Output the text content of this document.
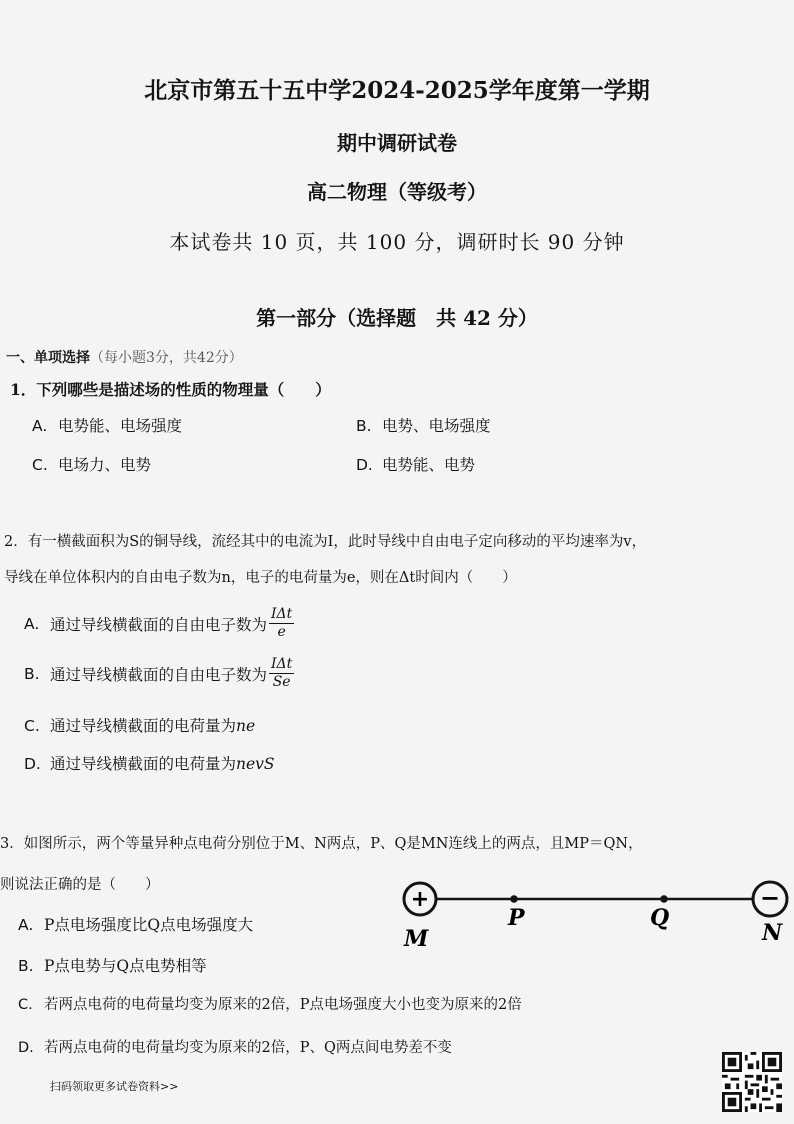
北京市第五十五中学2024-2025学年度第一学期
期中调研试卷
高二物理（等级考）
本试卷共 10 页，共 100 分，调研时长 90 分钟
第一部分（选择题　共 42 分）
一、单项选择（每小题3分，共42分）
1．下列哪些是描述场的性质的物理量（　　）
A. 电势能、电场强度	B. 电势、电场强度
C. 电场力、电势	D. 电势能、电势
2．有一横截面积为S的铜导线，流经其中的电流为I，此时导线中自由电子定向移动的平均速率为v，
导线在单位体积内的自由电子数为n，电子的电荷量为e，则在Δt时间内（　　）
A. 通过导线横截面的自由电子数为 $\frac{\text{IΔt}}{e}$
B. 通过导线横截面的自由电子数为 $\frac{\text{IΔt}}{Se}$
C. 通过导线横截面的电荷量为ne
D. 通过导线横截面的电荷量为nevS
3．如图所示，两个等量异种点电荷分别位于M、N两点，P、Q是MN连线上的两点，且MP＝QN，
则说法正确的是（　　）
A. P点电场强度比Q点电场强度大
B. P点电势与Q点电势相等
C. 若两点电荷的电荷量均变为原来的2倍，P点电场强度大小也变为原来的2倍
D. 若两点电荷的电荷量均变为原来的2倍，P、Q两点间电势差不变
+	−
P	Q
M	N
扫码领取更多试卷资料>>
